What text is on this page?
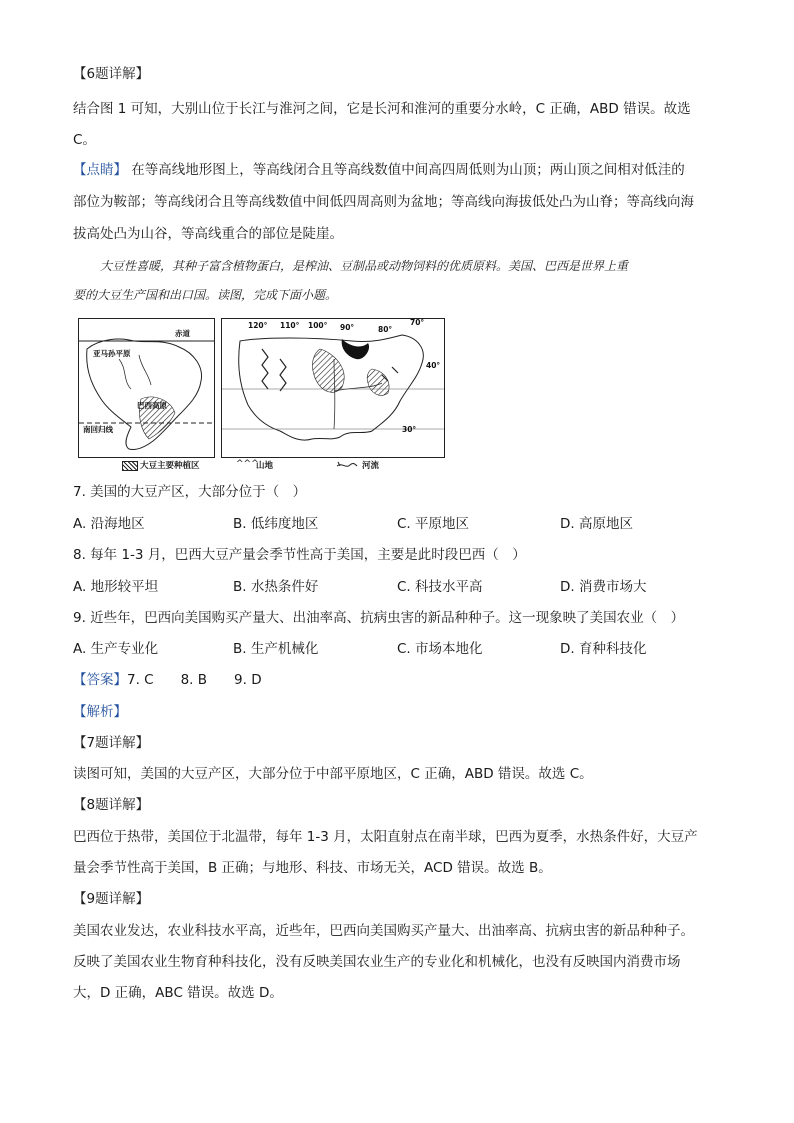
【6题详解】
结合图 1 可知，大别山位于长江与淮河之间，它是长河和淮河的重要分水岭，C 正确，ABD 错误。故选
C。
【点睛】 在等高线地形图上，等高线闭合且等高线数值中间高四周低则为山顶；两山顶之间相对低洼的
部位为鞍部；等高线闭合且等高线数值中间低四周高则为盆地；等高线向海拔低处凸为山脊；等高线向海
拔高处凸为山谷，等高线重合的部位是陡崖。
大豆性喜暖，其种子富含植物蛋白，是榨油、豆制品或动物饲料的优质原料。美国、巴西是世界上重
要的大豆生产国和出口国。读图，完成下面小题。
赤道
亚马孙平原
巴西高原
南回归线
120° 110° 100° 90°	80°
70°
40°
30°
大豆主要种植区	^^^
山地	河流
7. 美国的大豆产区，大部分位于（　）
A. 沿海地区	B. 低纬度地区	C. 平原地区	D. 高原地区
8. 每年 1-3 月，巴西大豆产量会季节性高于美国，主要是此时段巴西（　）
A. 地形较平坦	B. 水热条件好	C. 科技水平高	D. 消费市场大
9. 近些年，巴西向美国购买产量大、出油率高、抗病虫害的新品种种子。这一现象映了美国农业（　）
A. 生产专业化	B. 生产机械化	C. 市场本地化	D. 育种科技化
【答案】7. C　　8. B　　9. D
【解析】
【7题详解】
读图可知，美国的大豆产区，大部分位于中部平原地区，C 正确，ABD 错误。故选 C。
【8题详解】
巴西位于热带，美国位于北温带，每年 1-3 月，太阳直射点在南半球，巴西为夏季，水热条件好，大豆产
量会季节性高于美国，B 正确；与地形、科技、市场无关，ACD 错误。故选 B。
【9题详解】
美国农业发达，农业科技水平高，近些年，巴西向美国购买产量大、出油率高、抗病虫害的新品种种子。
反映了美国农业生物育种科技化，没有反映美国农业生产的专业化和机械化，也没有反映国内消费市场
大，D 正确，ABC 错误。故选 D。
